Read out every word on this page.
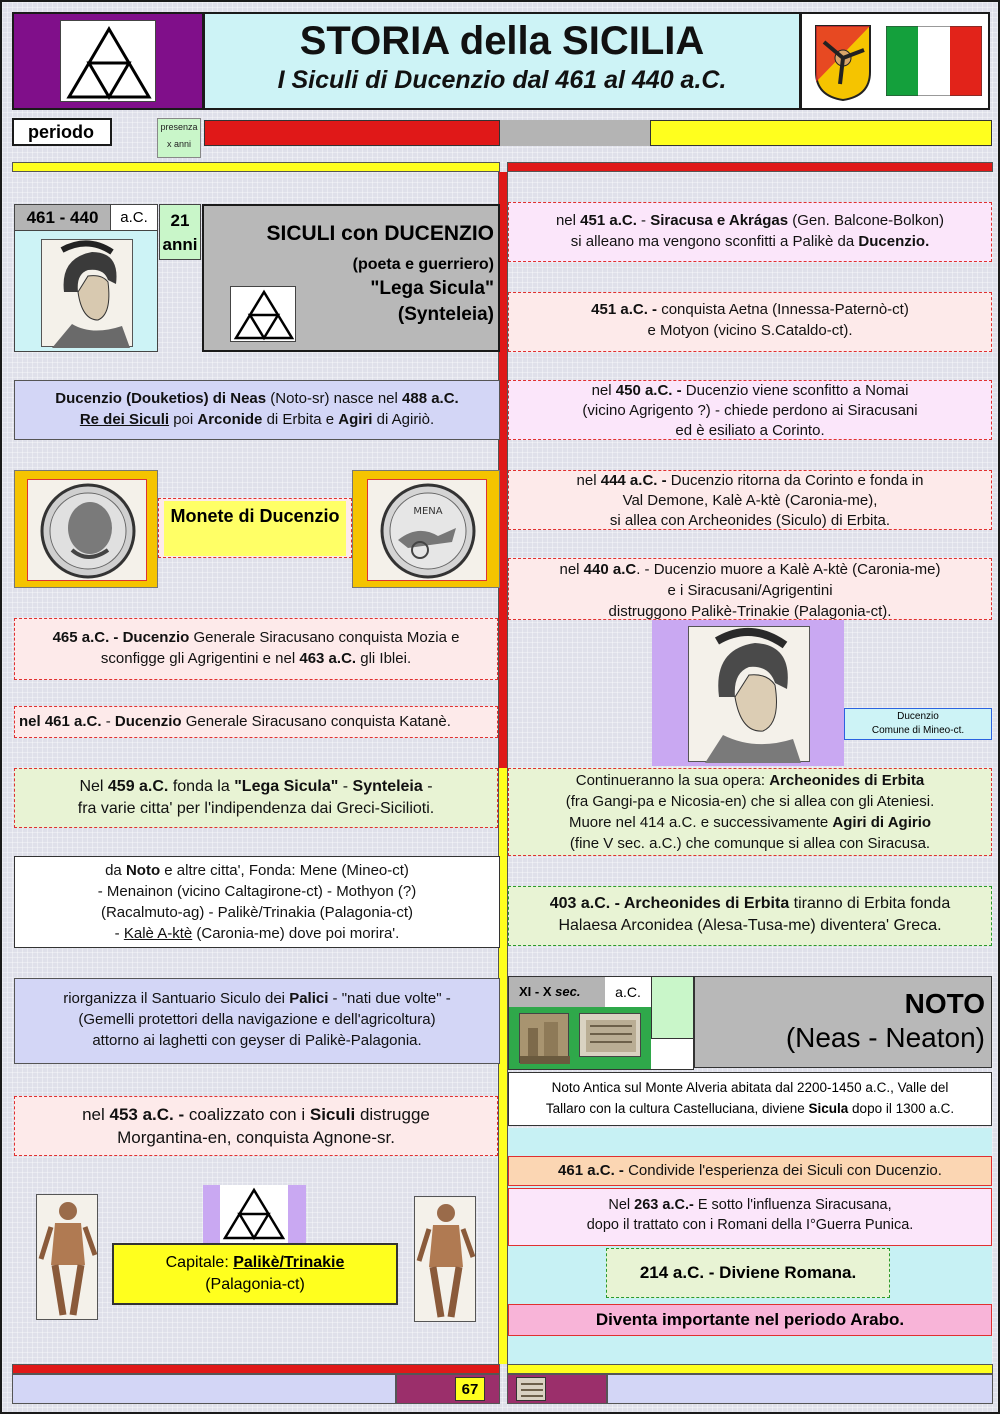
STORIA della SICILIA
I Siculi di Ducenzio dal 461 al 440 a.C.
periodo	presenza
x anni
461 - 440	a.C.	21
anni	SICULI con DUCENZIO
(poeta e guerriero)
"Lega Sicula"
(Synteleia)
Ducenzio (Douketios) di Neas (Noto-sr) nasce nel 488 a.C.
Re dei Siculi poi Arconide di Erbita e Agiri di Agiriò.
Monete di Ducenzio	MENA
465 a.C. - Ducenzio Generale Siracusano conquista Mozia e
sconfigge gli Agrigentini e nel 463 a.C. gli Iblei.
nel 461 a.C. - Ducenzio Generale Siracusano conquista Katanè.
Nel 459 a.C. fonda la "Lega Sicula" - Synteleia -
fra varie citta' per l'indipendenza dai Greci-Sicilioti.
da Noto e altre citta', Fonda: Mene (Mineo-ct)
- Menainon (vicino Caltagirone-ct) - Mothyon (?)
(Racalmuto-ag) - Palikè/Trinakia (Palagonia-ct)
- Kalè A-ktè (Caronia-me) dove poi morira'.
riorganizza il Santuario Siculo dei Palici - "nati due volte" -
(Gemelli protettori della navigazione e dell'agricoltura)
attorno ai laghetti con geyser di Palikè-Palagonia.
nel 453 a.C. - coalizzato con i Siculi distrugge
Morgantina-en, conquista Agnone-sr.
Capitale: Palikè/Trinakie
(Palagonia-ct)
nel 451 a.C. - Siracusa e Akrágas (Gen. Balcone-Bolkon)
si alleano ma vengono sconfitti a Palikè da Ducenzio.
451 a.C. - conquista Aetna (Innessa-Paternò-ct)
e Motyon (vicino S.Cataldo-ct).
nel 450 a.C. - Ducenzio viene sconfitto a Nomai
(vicino Agrigento ?) - chiede perdono ai Siracusani
ed è esiliato a Corinto.
nel 444 a.C. - Ducenzio ritorna da Corinto e fonda in
Val Demone, Kalè A-ktè (Caronia-me),
si allea con Archeonides (Siculo) di Erbita.
nel 440 a.C. - Ducenzio muore a Kalè A-ktè (Caronia-me)
e i Siracusani/Agrigentini
distruggono Palikè-Trinakie (Palagonia-ct).
Ducenzio
Comune di Mineo-ct.
Continueranno la sua opera: Archeonides di Erbita
(fra Gangi-pa e Nicosia-en) che si allea con gli Ateniesi.
Muore nel 414 a.C. e successivamente Agiri di Agirio
(fine V sec. a.C.) che comunque si allea con Siracusa.
403 a.C. - Archeonides di Erbita tiranno di Erbita fonda
Halaesa Arconidea (Alesa-Tusa-me) diventera' Greca.
XI - X sec.	a.C.	NOTO
(Neas - Neaton)
Noto Antica sul Monte Alveria abitata dal 2200-1450 a.C., Valle del
Tallaro con la cultura Castelluciana, diviene Sicula dopo il 1300 a.C.
461 a.C. - Condivide l'esperienza dei Siculi con Ducenzio.
Nel 263 a.C.- E sotto l'influenza Siracusana,
dopo il trattato con i Romani della I°Guerra Punica.
214 a.C. - Diviene Romana.
Diventa importante nel periodo Arabo.
67
